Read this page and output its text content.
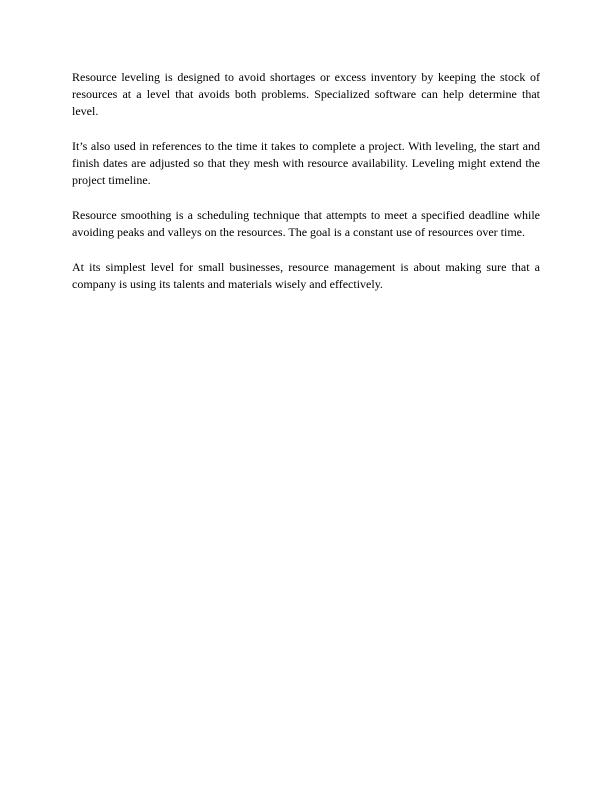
Resource leveling is designed to avoid shortages or excess inventory by keeping the stock of resources at a level that avoids both problems. Specialized software can help determine that level.

It’s also used in references to the time it takes to complete a project. With leveling, the start and finish dates are adjusted so that they mesh with resource availability. Leveling might extend the project timeline.

Resource smoothing is a scheduling technique that attempts to meet a specified deadline while avoiding peaks and valleys on the resources. The goal is a constant use of resources over time.

At its simplest level for small businesses, resource management is about making sure that a company is using its talents and materials wisely and effectively.
